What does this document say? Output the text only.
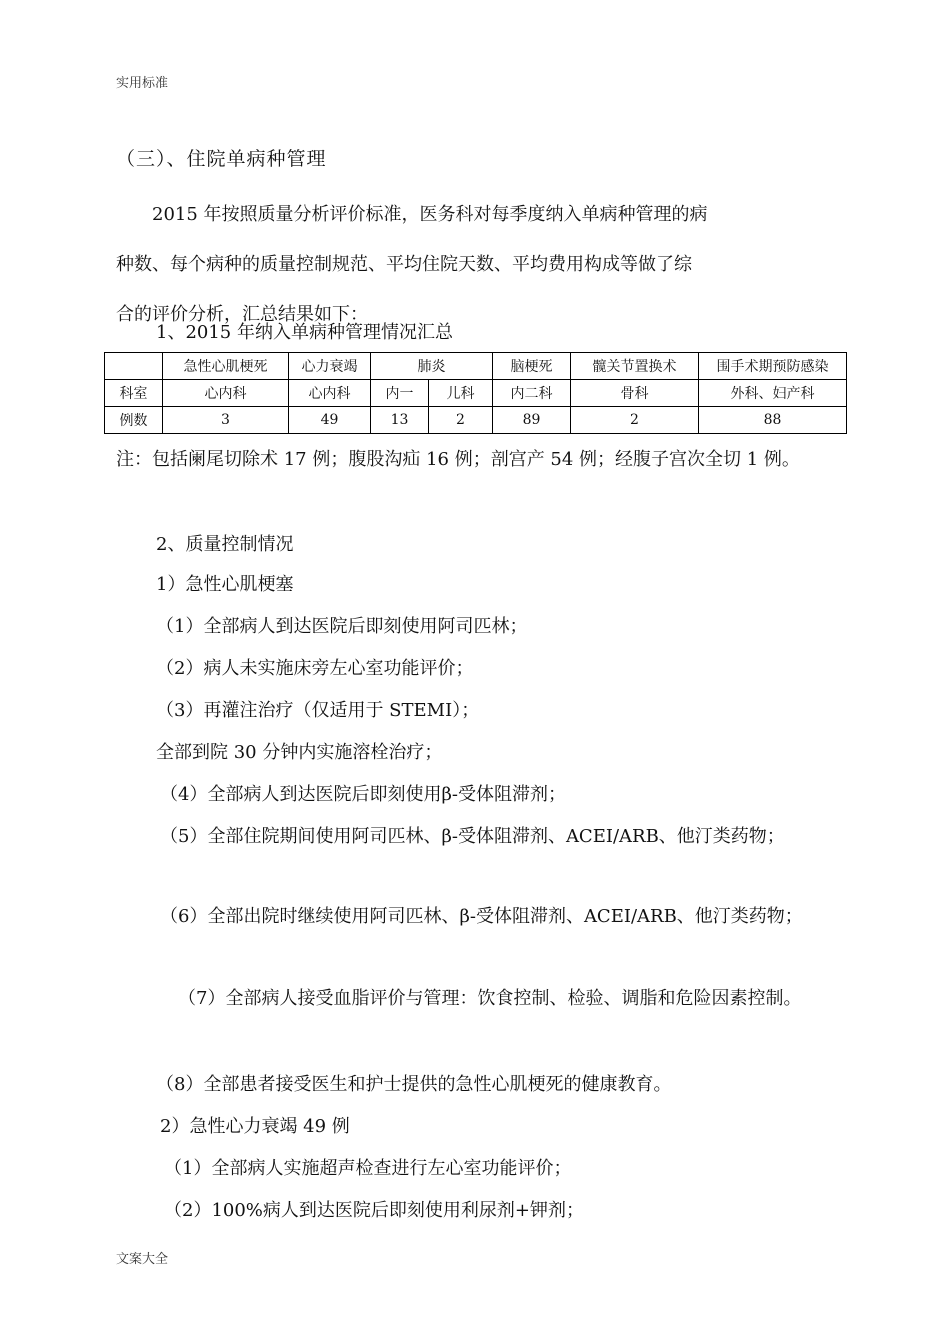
实用标准
（三）、住院单病种管理
2015 年按照质量分析评价标准，医务科对每季度纳入单病种管理的病
种数、每个病种的质量控制规范、平均住院天数、平均费用构成等做了综
合的评价分析，汇总结果如下：
1、2015 年纳入单病种管理情况汇总
	急性心肌梗死	心力衰竭	肺炎		脑梗死	髋关节置换术	围手术期预防感染
科室	心内科	心内科	内一	儿科	内二科	骨科	外科、妇产科
例数	3	49	13	2	89	2	88
注：包括阑尾切除术 17 例；腹股沟疝 16 例；剖宫产 54 例；经腹子宫次全切 1 例。
2、质量控制情况
1）急性心肌梗塞
（1）全部病人到达医院后即刻使用阿司匹林；
（2）病人未实施床旁左心室功能评价；
（3）再灌注治疗（仅适用于 STEMI）；
全部到院 30 分钟内实施溶栓治疗；
（4）全部病人到达医院后即刻使用β-受体阻滞剂；
（5）全部住院期间使用阿司匹林、β-受体阻滞剂、ACEI/ARB、他汀类药物；
（6）全部出院时继续使用阿司匹林、β-受体阻滞剂、ACEI/ARB、他汀类药物；
（7）全部病人接受血脂评价与管理：饮食控制、检验、调脂和危险因素控制。
（8）全部患者接受医生和护士提供的急性心肌梗死的健康教育。
2）急性心力衰竭 49 例
（1）全部病人实施超声检查进行左心室功能评价；
（2）100%病人到达医院后即刻使用利尿剂+钾剂；
文案大全
